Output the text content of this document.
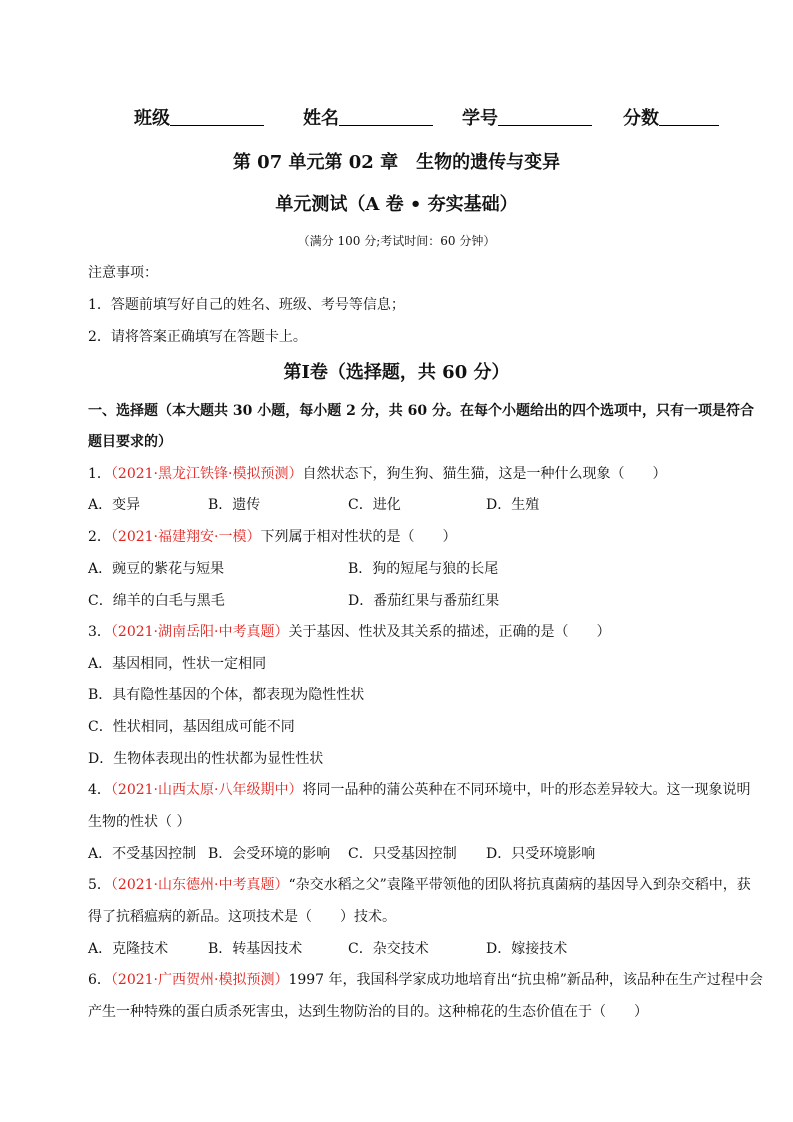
班级	姓名	学号	分数
第 07 单元第 02 章　生物的遗传与变异
单元测试（A 卷 • 夯实基础）
（满分 100 分;考试时间：60 分钟）
注意事项：
1．答题前填写好自己的姓名、班级、考号等信息；
2．请将答案正确填写在答题卡上。
第Ⅰ卷（选择题，共 60 分）
一、选择题（本大题共 30 小题，每小题 2 分，共 60 分。在每个小题给出的四个选项中，只有一项是符合
题目要求的）
1．（2021·黑龙江铁锋·模拟预测）自然状态下，狗生狗、猫生猫，这是一种什么现象（　　）
A．变异	B．遗传	C．进化	D．生殖
2．（2021·福建翔安·一模）下列属于相对性状的是（　　）
A．豌豆的紫花与短果	B．狗的短尾与狼的长尾
C．绵羊的白毛与黑毛	D．番茄红果与番茄红果
3．（2021·湖南岳阳·中考真题）关于基因、性状及其关系的描述，正确的是（　　）
A．基因相同，性状一定相同
B．具有隐性基因的个体，都表现为隐性性状
C．性状相同，基因组成可能不同
D．生物体表现出的性状都为显性性状
4．（2021·山西太原·八年级期中）将同一品种的蒲公英种在不同环境中，叶的形态差异较大。这一现象说明
生物的性状（ ）
A．不受基因控制 B．会受环境的影响 C．只受基因控制 D．只受环境影响
5．（2021·山东德州·中考真题）“杂交水稻之父”袁隆平带领他的团队将抗真菌病的基因导入到杂交稻中，获
得了抗稻瘟病的新品。这项技术是（　　）技术。
A．克隆技术	B．转基因技术	C．杂交技术	D．嫁接技术
6．（2021·广西贺州·模拟预测）1997 年，我国科学家成功地培育出“抗虫棉”新品种，该品种在生产过程中会
产生一种特殊的蛋白质杀死害虫，达到生物防治的目的。这种棉花的生态价值在于（　　）
